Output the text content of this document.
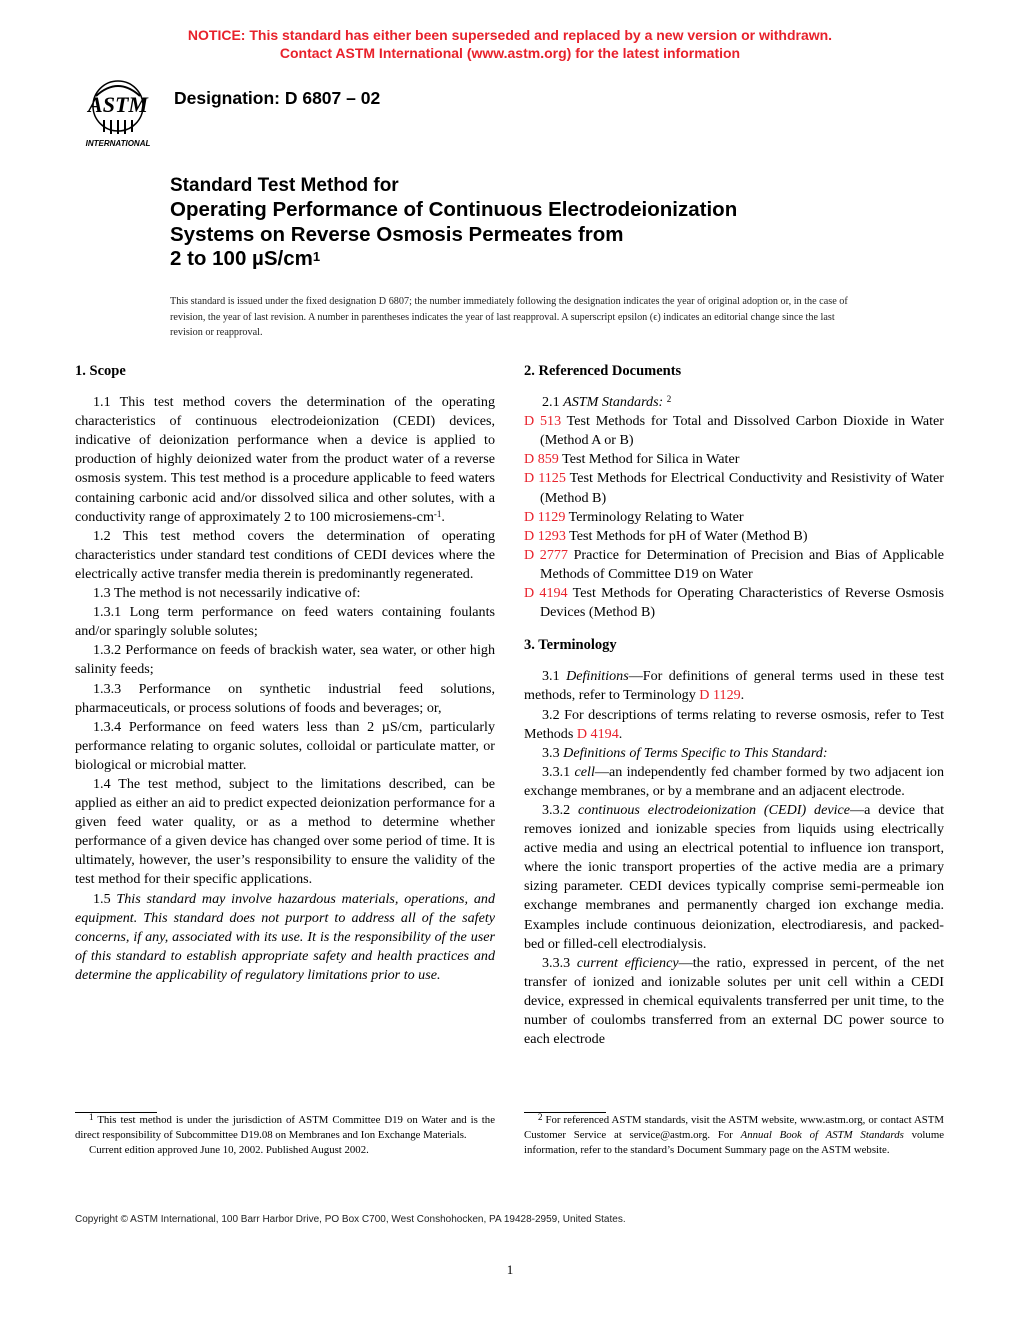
NOTICE: This standard has either been superseded and replaced by a new version or withdrawn.
Contact ASTM International (www.astm.org) for the latest information
ASTM
INTERNATIONAL
Designation: D 6807 – 02
Standard Test Method for
Operating Performance of Continuous Electrodeionization
Systems on Reverse Osmosis Permeates from
2 to 100 $\mu S/cm^1$
This standard is issued under the fixed designation D 6807; the number immediately following the designation indicates the year of original adoption or, in the case of revision, the year of last revision. A number in parentheses indicates the year of last reapproval. A superscript epsilon (ϵ) indicates an editorial change since the last revision or reapproval.
1. Scope

1.1 This test method covers the determination of the operating characteristics of continuous electrodeionization (CEDI) devices, indicative of deionization performance when a device is applied to production of highly deionized water from the product water of a reverse osmosis system. This test method is a procedure applicable to feed waters containing carbonic acid and/or dissolved silica and other solutes, with a conductivity range of approximately 2 to 100 microsiemens-$cm^{-1}$.

1.2 This test method covers the determination of operating characteristics under standard test conditions of CEDI devices where the electrically active transfer media therein is predominantly regenerated.

1.3 The method is not necessarily indicative of:

1.3.1 Long term performance on feed waters containing foulants and/or sparingly soluble solutes;

1.3.2 Performance on feeds of brackish water, sea water, or other high salinity feeds;

1.3.3 Performance on synthetic industrial feed solutions, pharmaceuticals, or process solutions of foods and beverages; or,

1.3.4 Performance on feed waters less than 2 µS/cm, particularly performance relating to organic solutes, colloidal or particulate matter, or biological or microbial matter.

1.4 The test method, subject to the limitations described, can be applied as either an aid to predict expected deionization performance for a given feed water quality, or as a method to determine whether performance of a given device has changed over some period of time. It is ultimately, however, the user’s responsibility to ensure the validity of the test method for their specific applications.

1.5 This standard may involve hazardous materials, operations, and equipment. This standard does not purport to address all of the safety concerns, if any, associated with its use. It is the responsibility of the user of this standard to establish appropriate safety and health practices and determine the applicability of regulatory limitations prior to use.

2. Referenced Documents

2.1 ASTM Standards: $^2$

D 513 Test Methods for Total and Dissolved Carbon Dioxide in Water (Method A or B)

D 859 Test Method for Silica in Water

D 1125 Test Methods for Electrical Conductivity and Resistivity of Water (Method B)

D 1129 Terminology Relating to Water

D 1293 Test Methods for pH of Water (Method B)

D 2777 Practice for Determination of Precision and Bias of Applicable Methods of Committee D19 on Water

D 4194 Test Methods for Operating Characteristics of Reverse Osmosis Devices (Method B)

3. Terminology

3.1 Definitions—For definitions of general terms used in these test methods, refer to Terminology D 1129.

3.2 For descriptions of terms relating to reverse osmosis, refer to Test Methods D 4194.

3.3 Definitions of Terms Specific to This Standard:

3.3.1 cell—an independently fed chamber formed by two adjacent ion exchange membranes, or by a membrane and an adjacent electrode.

3.3.2 continuous electrodeionization (CEDI) device—a device that removes ionized and ionizable species from liquids using electrically active media and using an electrical potential to influence ion transport, where the ionic transport properties of the active media are a primary sizing parameter. CEDI devices typically comprise semi-permeable ion exchange membranes and permanently charged ion exchange media. Examples include continuous deionization, electrodiaresis, and packed-bed or filled-cell electrodialysis.

3.3.3 current efficiency—the ratio, expressed in percent, of the net transfer of ionized and ionizable solutes per unit cell within a CEDI device, expressed in chemical equivalents transferred per unit time, to the number of coulombs transferred from an external DC power source to each electrode

$^1$ This test method is under the jurisdiction of ASTM Committee D19 on Water and is the direct responsibility of Subcommittee D19.08 on Membranes and Ion Exchange Materials.

Current edition approved June 10, 2002. Published August 2002.

$^2$ For referenced ASTM standards, visit the ASTM website, www.astm.org, or contact ASTM Customer Service at service@astm.org. For Annual Book of ASTM Standards volume information, refer to the standard’s Document Summary page on the ASTM website.

Copyright © ASTM International, 100 Barr Harbor Drive, PO Box C700, West Conshohocken, PA 19428-2959, United States.
1
